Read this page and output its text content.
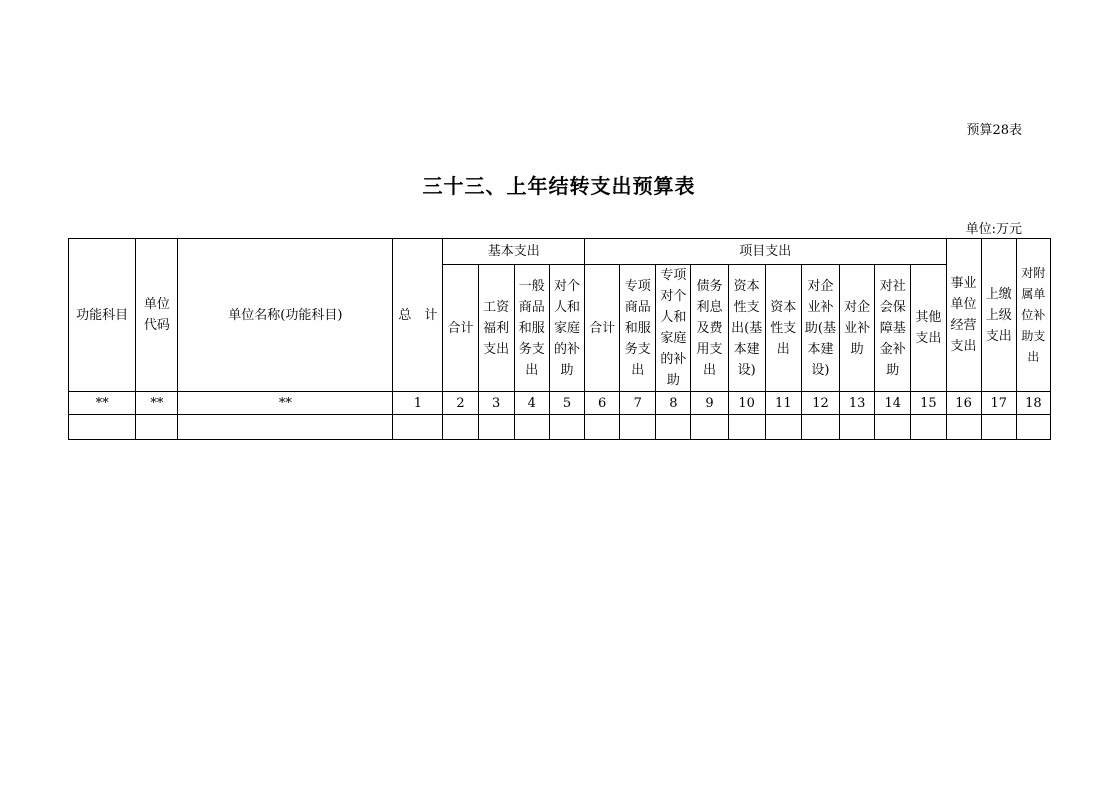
预算28表
三十三、上年结转支出预算表
单位:万元
功能科目	单位代码	单位名称(功能科目)	总　计	基本支出				项目支出										事业单位经营支出	上缴上级支出	对附属单位补助支出
				合计	工资福利支出	一般商品和服务支出	对个人和家庭的补助	合计	专项商品和服务支出	专项对个人和家庭的补助	债务利息及费用支出	资本性支出(基本建设)	资本性支出	对企业补助(基本建设)	对企业补助	对社会保障基金补助	其他支出			
**	**	**	1	2	3	4	5	6	7	8	9	10	11	12	13	14	15	16	17	18
